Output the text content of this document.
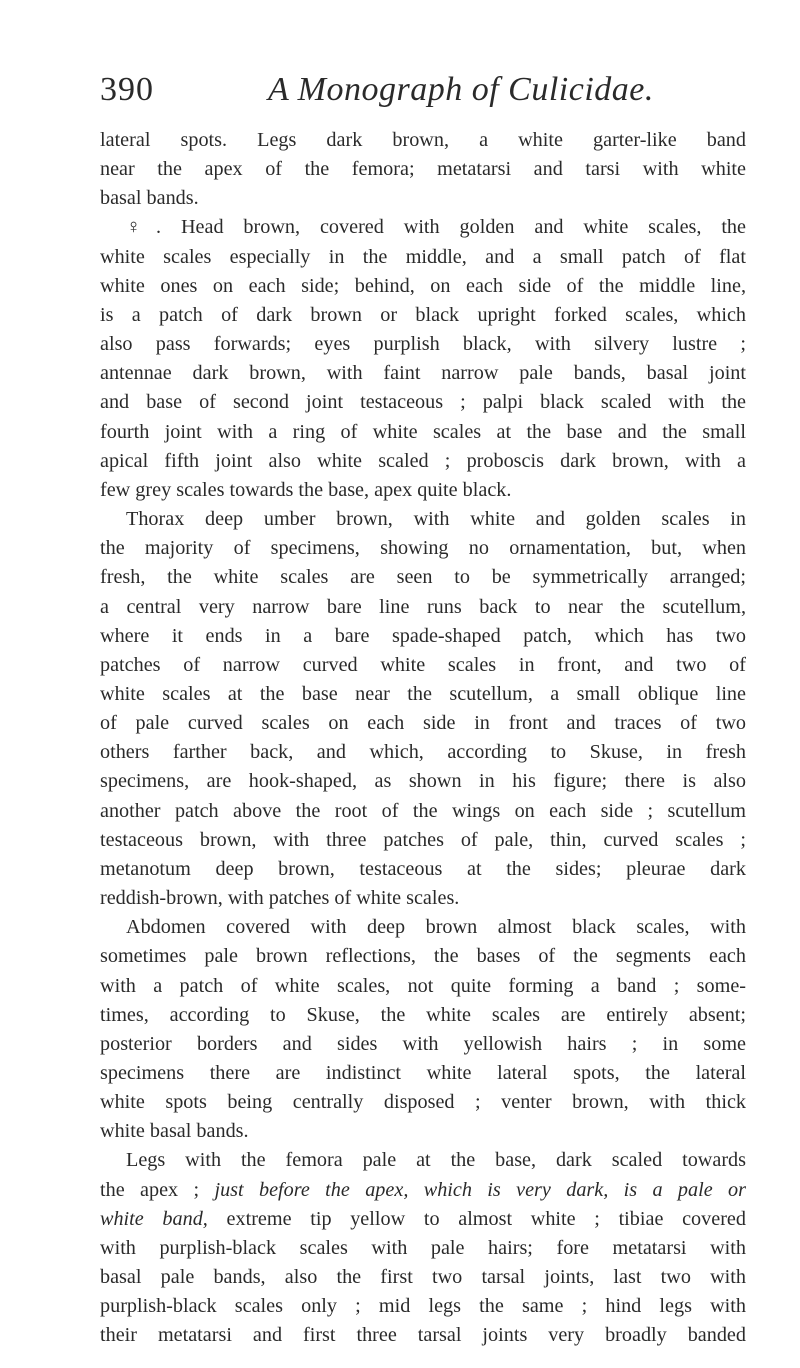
390	A Monograph of Culicidae.
lateral spots. Legs dark brown, a white garter-like band
near the apex of the femora; metatarsi and tarsi with white
basal bands.
♀. Head brown, covered with golden and white scales, the
white scales especially in the middle, and a small patch of flat
white ones on each side; behind, on each side of the middle line,
is a patch of dark brown or black upright forked scales, which
also pass forwards; eyes purplish black, with silvery lustre ;
antennae dark brown, with faint narrow pale bands, basal joint
and base of second joint testaceous ; palpi black scaled with the
fourth joint with a ring of white scales at the base and the small
apical fifth joint also white scaled ; proboscis dark brown, with a
few grey scales towards the base, apex quite black.
Thorax deep umber brown, with white and golden scales in
the majority of specimens, showing no ornamentation, but, when
fresh, the white scales are seen to be symmetrically arranged;
a central very narrow bare line runs back to near the scutellum,
where it ends in a bare spade-shaped patch, which has two
patches of narrow curved white scales in front, and two of
white scales at the base near the scutellum, a small oblique line
of pale curved scales on each side in front and traces of two
others farther back, and which, according to Skuse, in fresh
specimens, are hook-shaped, as shown in his figure; there is also
another patch above the root of the wings on each side ; scutellum
testaceous brown, with three patches of pale, thin, curved scales ;
metanotum deep brown, testaceous at the sides; pleurae dark
reddish-brown, with patches of white scales.
Abdomen covered with deep brown almost black scales, with
sometimes pale brown reflections, the bases of the segments each
with a patch of white scales, not quite forming a band ; some-
times, according to Skuse, the white scales are entirely absent;
posterior borders and sides with yellowish hairs ; in some
specimens there are indistinct white lateral spots, the lateral
white spots being centrally disposed ; venter brown, with thick
white basal bands.
Legs with the femora pale at the base, dark scaled towards
the apex ; just before the apex, which is very dark, is a pale or
white band, extreme tip yellow to almost white ; tibiae covered
with purplish-black scales with pale hairs; fore metatarsi with
basal pale bands, also the first two tarsal joints, last two with
purplish-black scales only ; mid legs the same ; hind legs with
their metatarsi and first three tarsal joints very broadly banded
